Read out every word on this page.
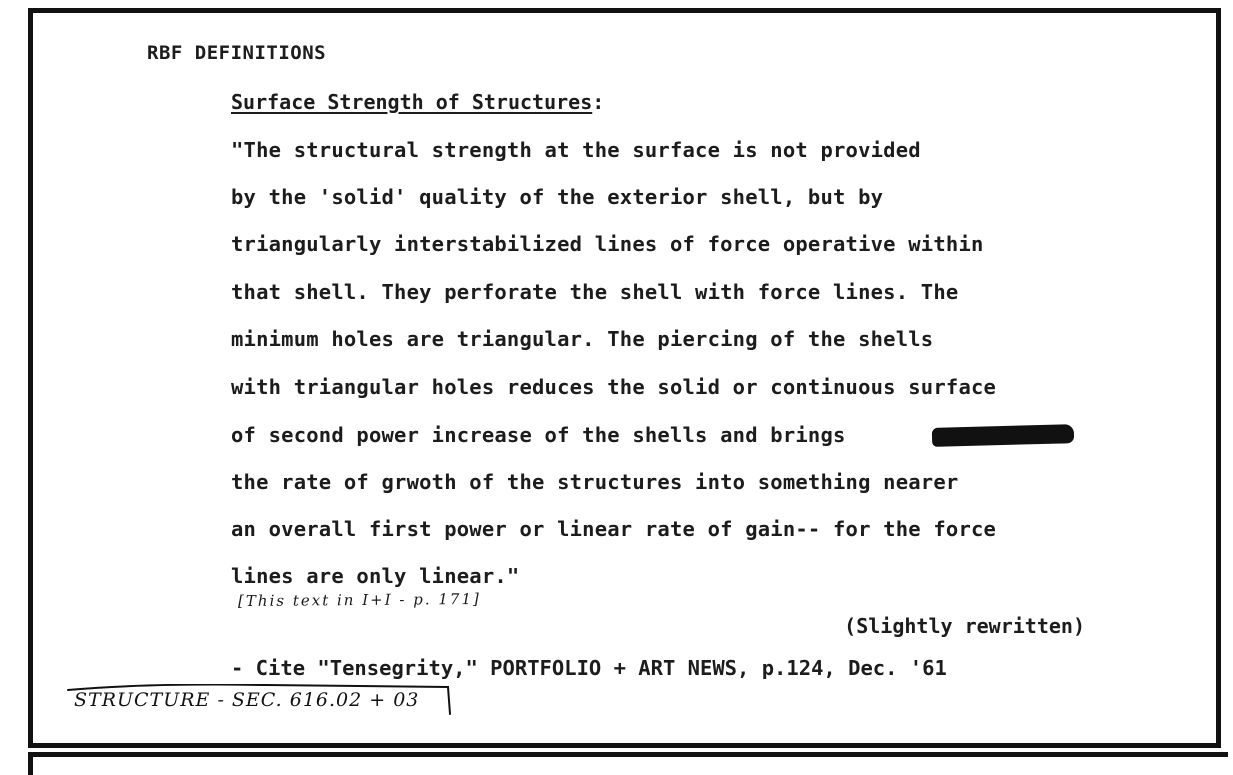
RBF DEFINITIONS
Surface Strength of Structures:
"The structural strength at the surface is not provided
by the 'solid' quality of the exterior shell, but by
triangularly interstabilized lines of force operative within
that shell. They perforate the shell with force lines. The
minimum holes are triangular. The piercing of the shells
with triangular holes reduces the solid or continuous surface
of second power increase of the shells and brings
the rate of grwoth of the structures into something nearer
an overall first power or linear rate of gain-- for the force
lines are only linear."
[This text in I+I - p. 171]
(Slightly rewritten)
- Cite "Tensegrity," PORTFOLIO + ART NEWS, p.124, Dec. '61
STRUCTURE - SEC. 616.02 + 03
